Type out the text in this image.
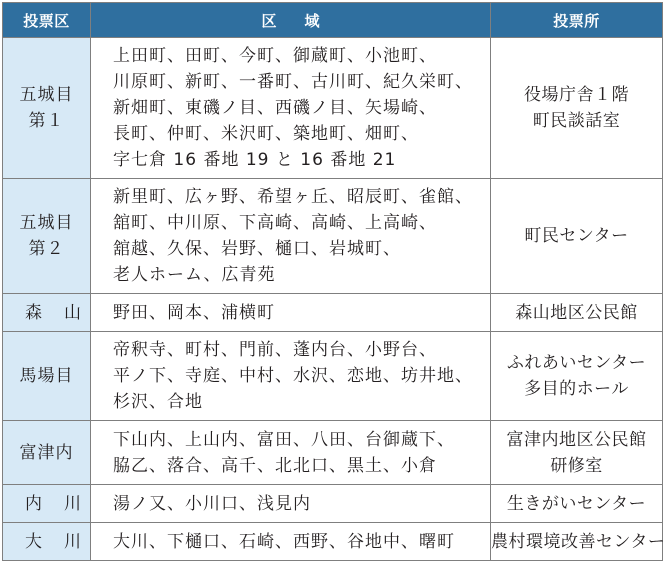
投票区	区域	投票所

五城目
第１	上田町、田町、今町、御蔵町、小池町、
川原町、新町、一番町、古川町、紀久栄町、
新畑町、東磯ノ目、西磯ノ目、矢場崎、
長町、仲町、米沢町、築地町、畑町、
字七倉 16 番地 19 と 16 番地 21	役場庁舎１階
町民談話室

五城目
第２	新里町、広ヶ野、希望ヶ丘、昭辰町、雀館、
舘町、中川原、下高崎、高崎、上高崎、
舘越、久保、岩野、樋口、岩城町、
老人ホーム、広青苑	町民センター

森山	野田、岡本、浦横町	森山地区公民館

馬場目	帝釈寺、町村、門前、蓬内台、小野台、
平ノ下、寺庭、中村、水沢、恋地、坊井地、
杉沢、合地	ふれあいセンター
多目的ホール

富津内	下山内、上山内、富田、八田、台御蔵下、
脇乙、落合、高千、北北口、黒土、小倉	富津内地区公民館
研修室

内川	湯ノ又、小川口、浅見内	生きがいセンター

大川	大川、下樋口、石崎、西野、谷地中、曙町	農村環境改善センター
